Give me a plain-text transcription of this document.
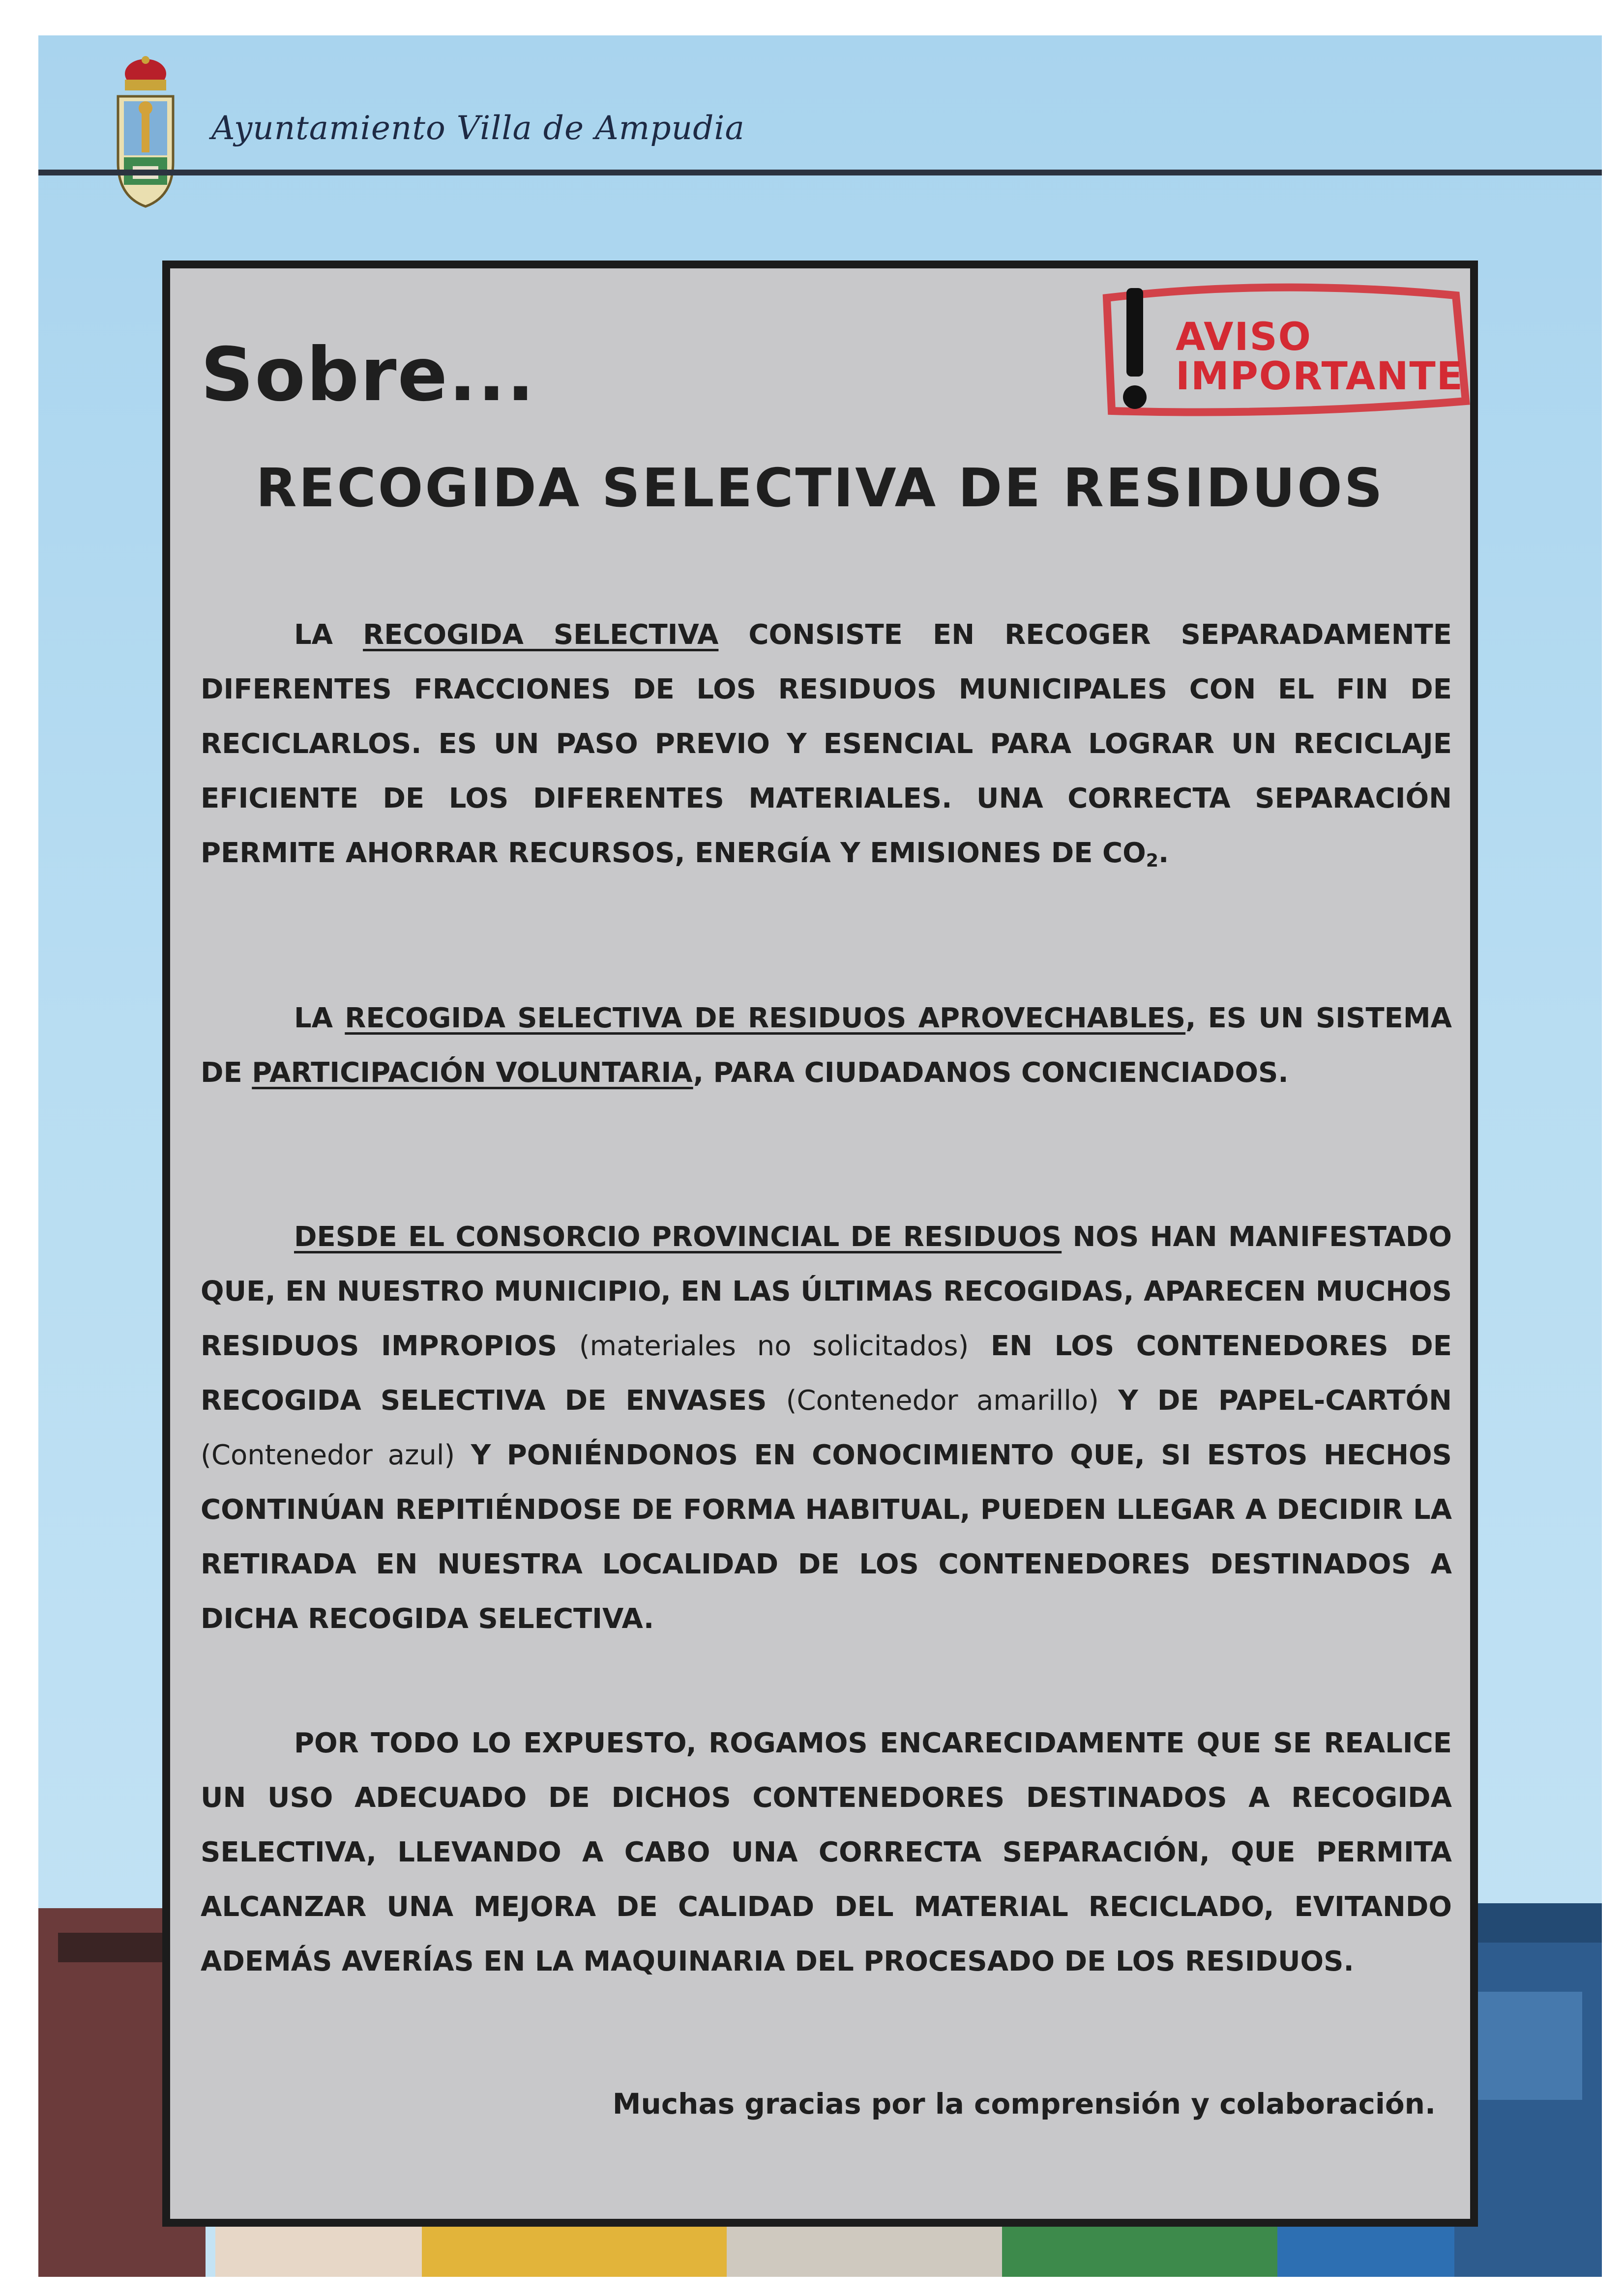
Ayuntamiento Villa de Ampudia
Sobre...	AVISO
IMPORTANTE
RECOGIDA SELECTIVA DE RESIDUOS
LA RECOGIDA SELECTIVA CONSISTE EN RECOGER SEPARADAMENTE DIFERENTES FRACCIONES DE LOS RESIDUOS MUNICIPALES CON EL FIN DE RECICLARLOS. ES UN PASO PREVIO Y ESENCIAL PARA LOGRAR UN RECICLAJE EFICIENTE DE LOS DIFERENTES MATERIALES. UNA CORRECTA SEPARACIÓN PERMITE AHORRAR RECURSOS, ENERGÍA Y EMISIONES DE $CO_2$.
LA RECOGIDA SELECTIVA DE RESIDUOS APROVECHABLES, ES UN SISTEMA DE PARTICIPACIÓN VOLUNTARIA, PARA CIUDADANOS CONCIENCIADOS.
DESDE EL CONSORCIO PROVINCIAL DE RESIDUOS NOS HAN MANIFESTADO QUE, EN NUESTRO MUNICIPIO, EN LAS ÚLTIMAS RECOGIDAS, APARECEN MUCHOS RESIDUOS IMPROPIOS (materiales no solicitados) EN LOS CONTENEDORES DE RECOGIDA SELECTIVA DE ENVASES (Contenedor amarillo) Y DE PAPEL-CARTÓN (Contenedor azul) Y PONIÉNDONOS EN CONOCIMIENTO QUE, SI ESTOS HECHOS CONTINÚAN REPITIÉNDOSE DE FORMA HABITUAL, PUEDEN LLEGAR A DECIDIR LA RETIRADA EN NUESTRA LOCALIDAD DE LOS CONTENEDORES DESTINADOS A DICHA RECOGIDA SELECTIVA.
POR TODO LO EXPUESTO, ROGAMOS ENCARECIDAMENTE QUE SE REALICE UN USO ADECUADO DE DICHOS CONTENEDORES DESTINADOS A RECOGIDA SELECTIVA, LLEVANDO A CABO UNA CORRECTA SEPARACIÓN, QUE PERMITA ALCANZAR UNA MEJORA DE CALIDAD DEL MATERIAL RECICLADO, EVITANDO ADEMÁS AVERÍAS EN LA MAQUINARIA DEL PROCESADO DE LOS RESIDUOS.
Muchas gracias por la comprensión y colaboración.
